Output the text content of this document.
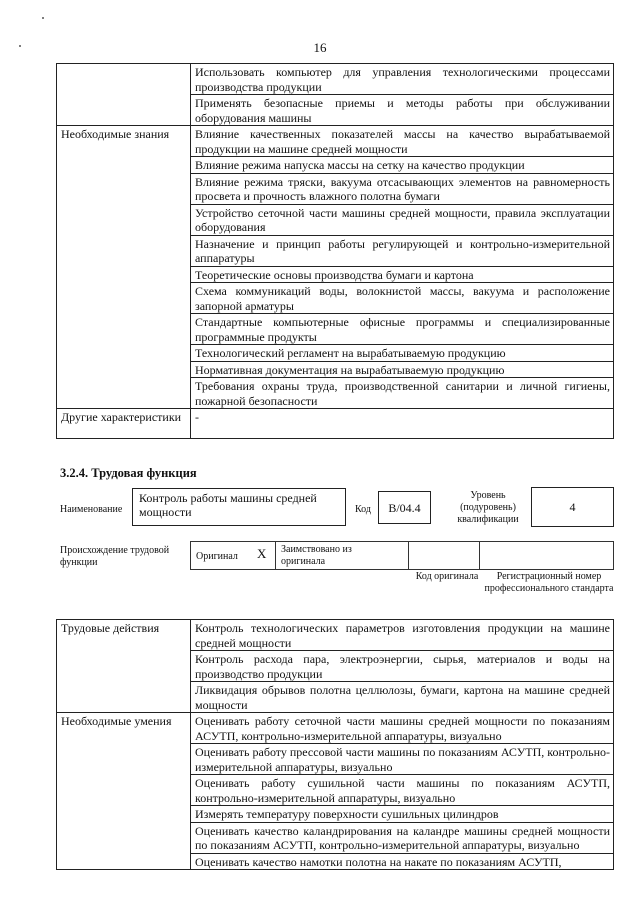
16
	Использовать компьютер для управления технологическими процессами производства продукции
	Применять безопасные приемы и методы работы при обслуживании оборудования машины
Необходимые знания	Влияние качественных показателей массы на качество вырабатываемой продукции на машине средней мощности
	Влияние режима напуска массы на сетку на качество продукции
	Влияние режима тряски, вакуума отсасывающих элементов на равномерность просвета и прочность влажного полотна бумаги
	Устройство сеточной части машины средней мощности, правила эксплуатации оборудования
	Назначение и принцип работы регулирующей и контрольно-измерительной аппаратуры
	Теоретические основы производства бумаги и картона
	Схема коммуникаций воды, волокнистой массы, вакуума и расположение запорной арматуры
	Стандартные компьютерные офисные программы и специализированные программные продукты
	Технологический регламент на вырабатываемую продукцию
	Нормативная документация на вырабатываемую продукцию
	Требования охраны труда, производственной санитарии и личной гигиены, пожарной безопасности
Другие характеристики	-
3.2.4. Трудовая функция
Наименование
Контроль работы машины средней мощности	Код В/04.4
Уровень (подуровень) квалификации
4
Происхождение трудовой функции
Оригинал X Заимствовано из оригинала
Код оригинала	Регистрационный номер профессионального стандарта
Трудовые действия	Контроль технологических параметров изготовления продукции на машине средней мощности
	Контроль расхода пара, электроэнергии, сырья, материалов и воды на производство продукции
	Ликвидация обрывов полотна целлюлозы, бумаги, картона на машине средней мощности
Необходимые умения	Оценивать работу сеточной части машины средней мощности по показаниям АСУТП, контрольно-измерительной аппаратуры, визуально
	Оценивать работу прессовой части машины по показаниям АСУТП, контрольно-измерительной аппаратуры, визуально
	Оценивать работу сушильной части машины по показаниям АСУТП, контрольно-измерительной аппаратуры, визуально
	Измерять температуру поверхности сушильных цилиндров
	Оценивать качество каландрирования на каландре машины средней мощности по показаниям АСУТП, контрольно-измерительной аппаратуры, визуально
	Оценивать качество намотки полотна на накате по показаниям АСУТП,
